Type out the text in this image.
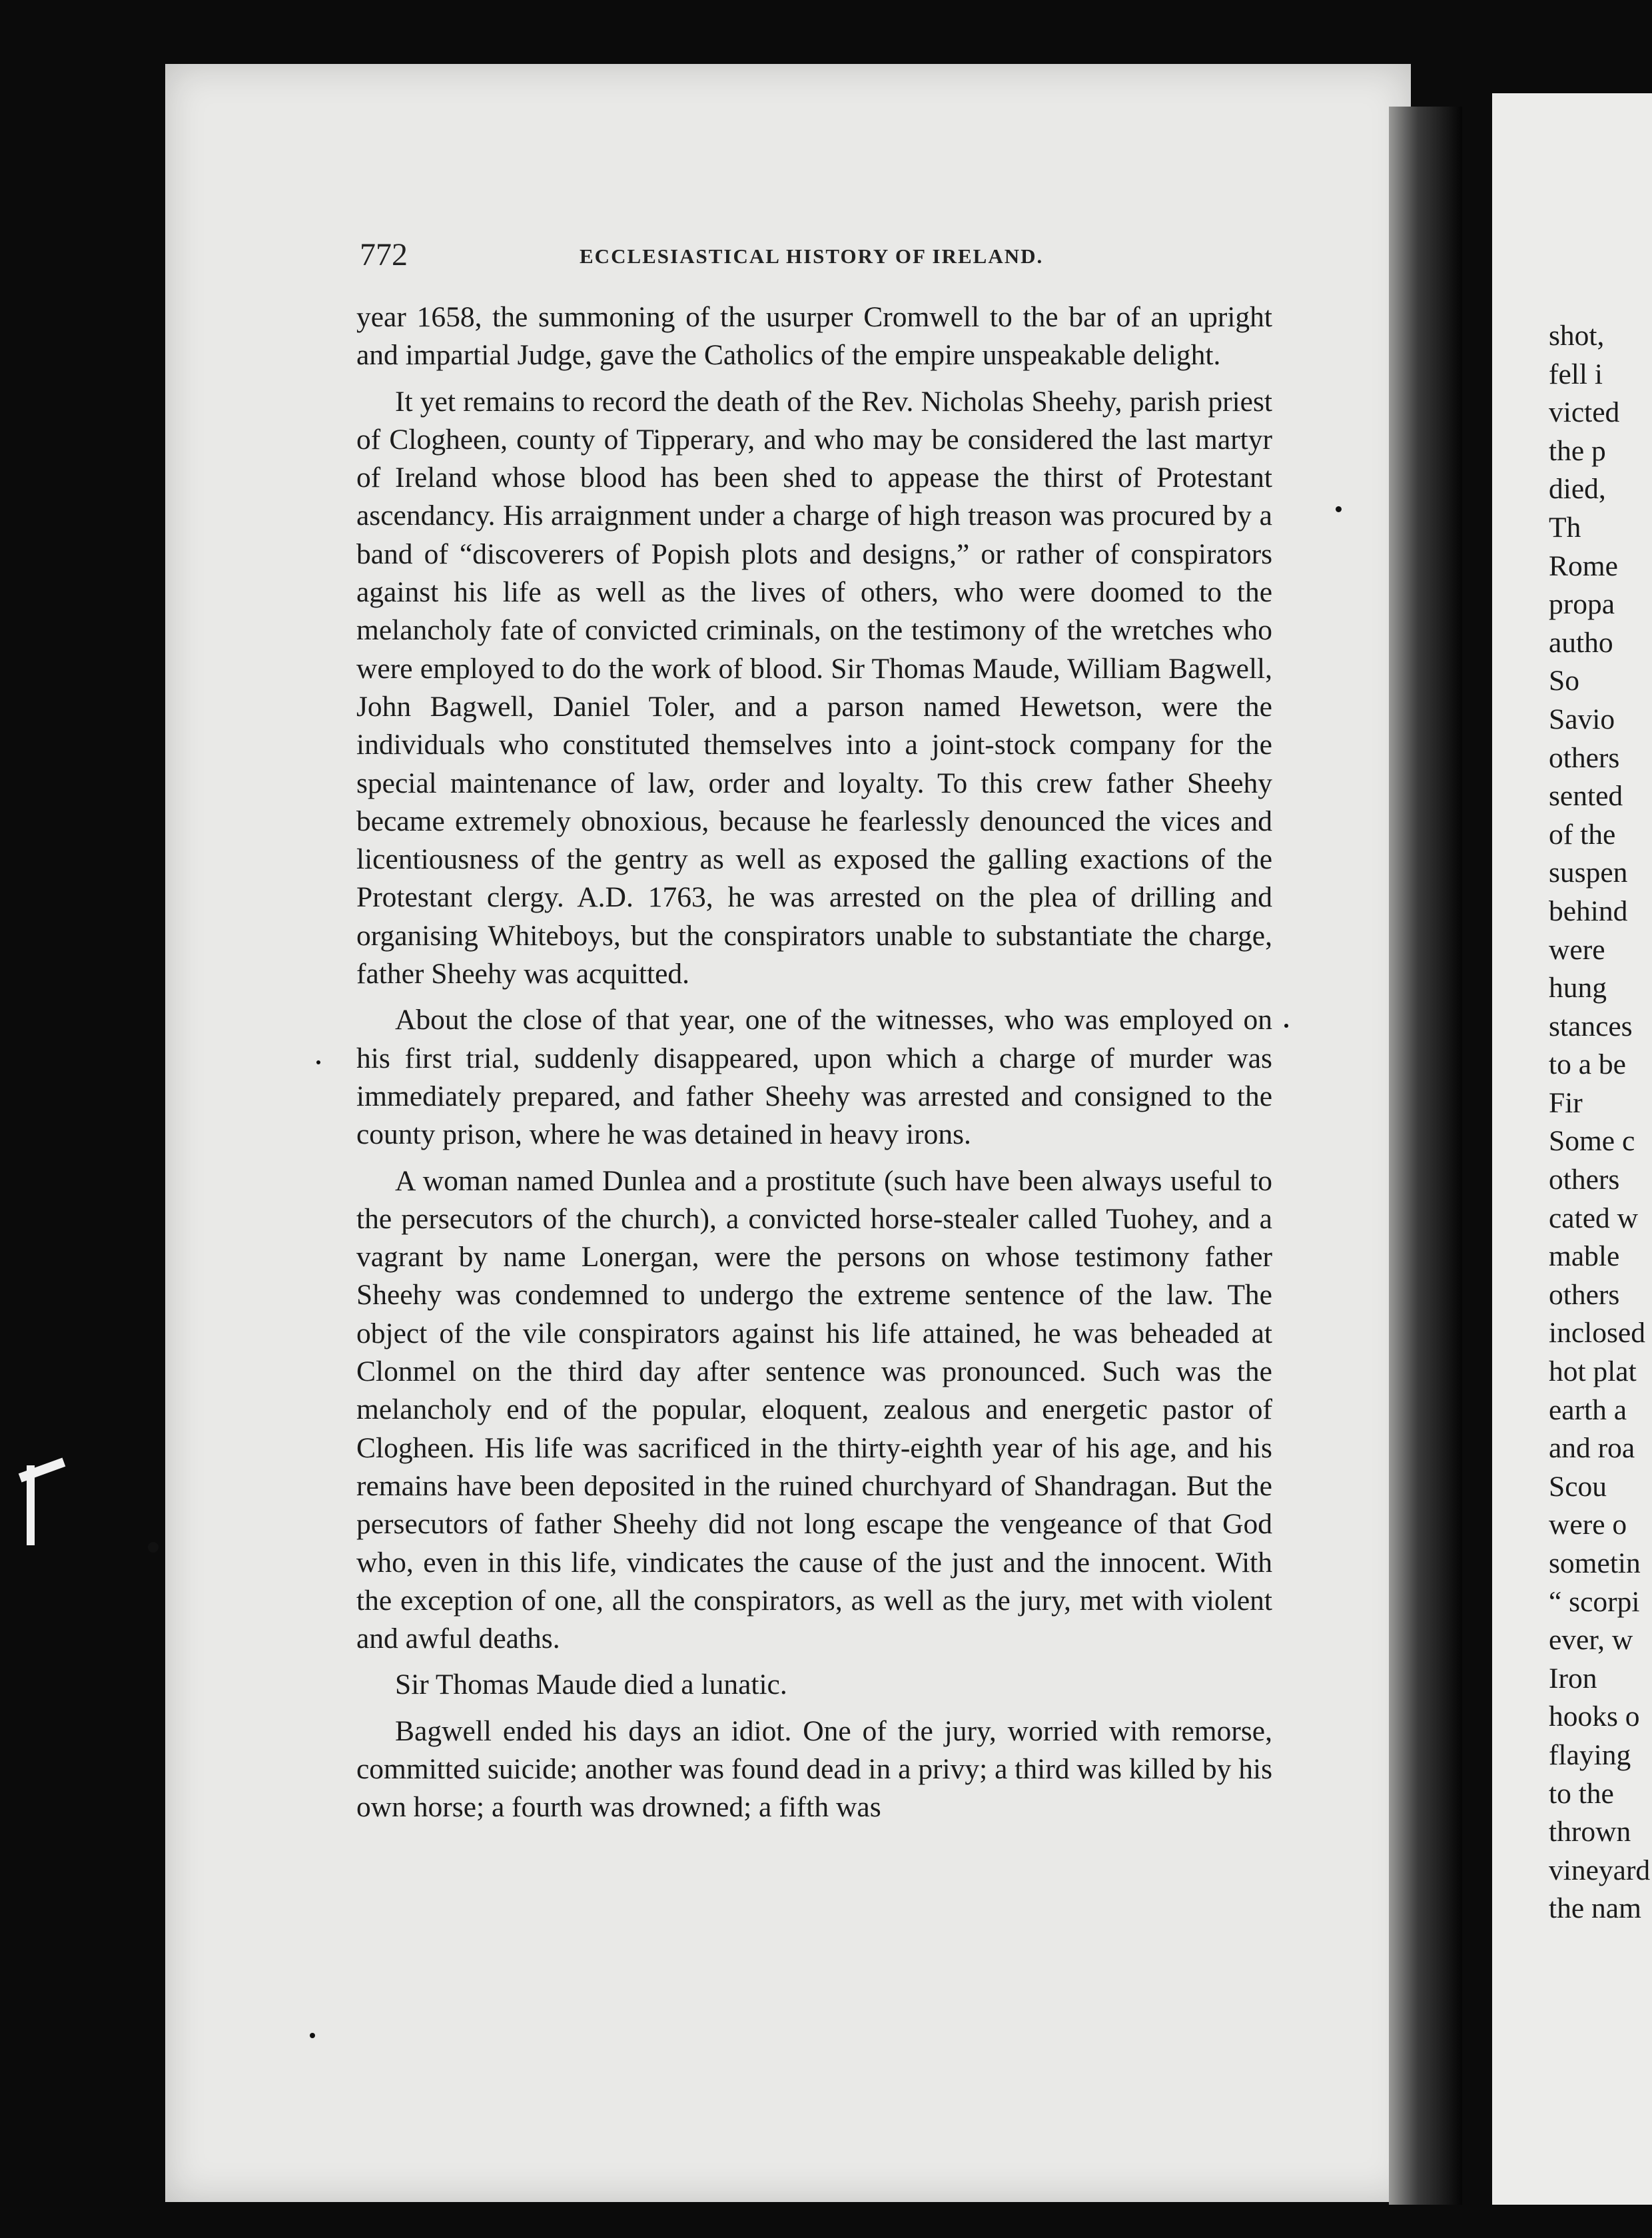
772	ECCLESIASTICAL HISTORY OF IRELAND.

year 1658, the summoning of the usurper Cromwell to the bar of an upright and impartial Judge, gave the Catholics of the empire unspeakable delight.

It yet remains to record the death of the Rev. Nicholas Sheehy, parish priest of Clogheen, county of Tipperary, and who may be considered the last martyr of Ireland whose blood has been shed to appease the thirst of Protestant ascendancy. His arraignment under a charge of high treason was procured by a band of “discoverers of Popish plots and designs,” or rather of conspirators against his life as well as the lives of others, who were doomed to the melancholy fate of convicted criminals, on the testimony of the wretches who were employed to do the work of blood. Sir Thomas Maude, William Bagwell, John Bagwell, Daniel Toler, and a parson named Hewetson, were the individuals who constituted themselves into a joint-stock company for the special maintenance of law, order and loyalty. To this crew father Sheehy became extremely obnoxious, because he fearlessly denounced the vices and licentiousness of the gentry as well as exposed the galling exactions of the Protestant clergy. A.D. 1763, he was arrested on the plea of drilling and organising Whiteboys, but the conspirators unable to substantiate the charge, father Sheehy was acquitted.

About the close of that year, one of the witnesses, who was employed on his first trial, suddenly disappeared, upon which a charge of murder was immediately prepared, and father Sheehy was arrested and consigned to the county prison, where he was detained in heavy irons.

A woman named Dunlea and a prostitute (such have been always useful to the persecutors of the church), a convicted horse-stealer called Tuohey, and a vagrant by name Lonergan, were the persons on whose testimony father Sheehy was condemned to undergo the extreme sentence of the law. The object of the vile conspirators against his life attained, he was beheaded at Clonmel on the third day after sentence was pronounced. Such was the melancholy end of the popular, eloquent, zealous and energetic pastor of Clogheen. His life was sacrificed in the thirty-eighth year of his age, and his remains have been deposited in the ruined churchyard of Shandragan. But the persecutors of father Sheehy did not long escape the vengeance of that God who, even in this life, vindicates the cause of the just and the innocent. With the exception of one, all the conspirators, as well as the jury, met with violent and awful deaths.

Sir Thomas Maude died a lunatic.

Bagwell ended his days an idiot. One of the jury, worried with remorse, committed suicide; another was found dead in a privy; a third was killed by his own horse; a fourth was drowned; a fifth was

shot,
fell i
victed
the p
died,
Th
Rome
propa
autho
So
Savio
others
sented
of the
suspen
behind
were
hung
stances
to a be
Fir
Some c
others
cated w
mable
others
inclosed
hot plat
earth a
and roa
Scou
were o
sometin
“ scorpi
ever, w
Iron
hooks o
flaying
to the
thrown
vineyard
the nam
